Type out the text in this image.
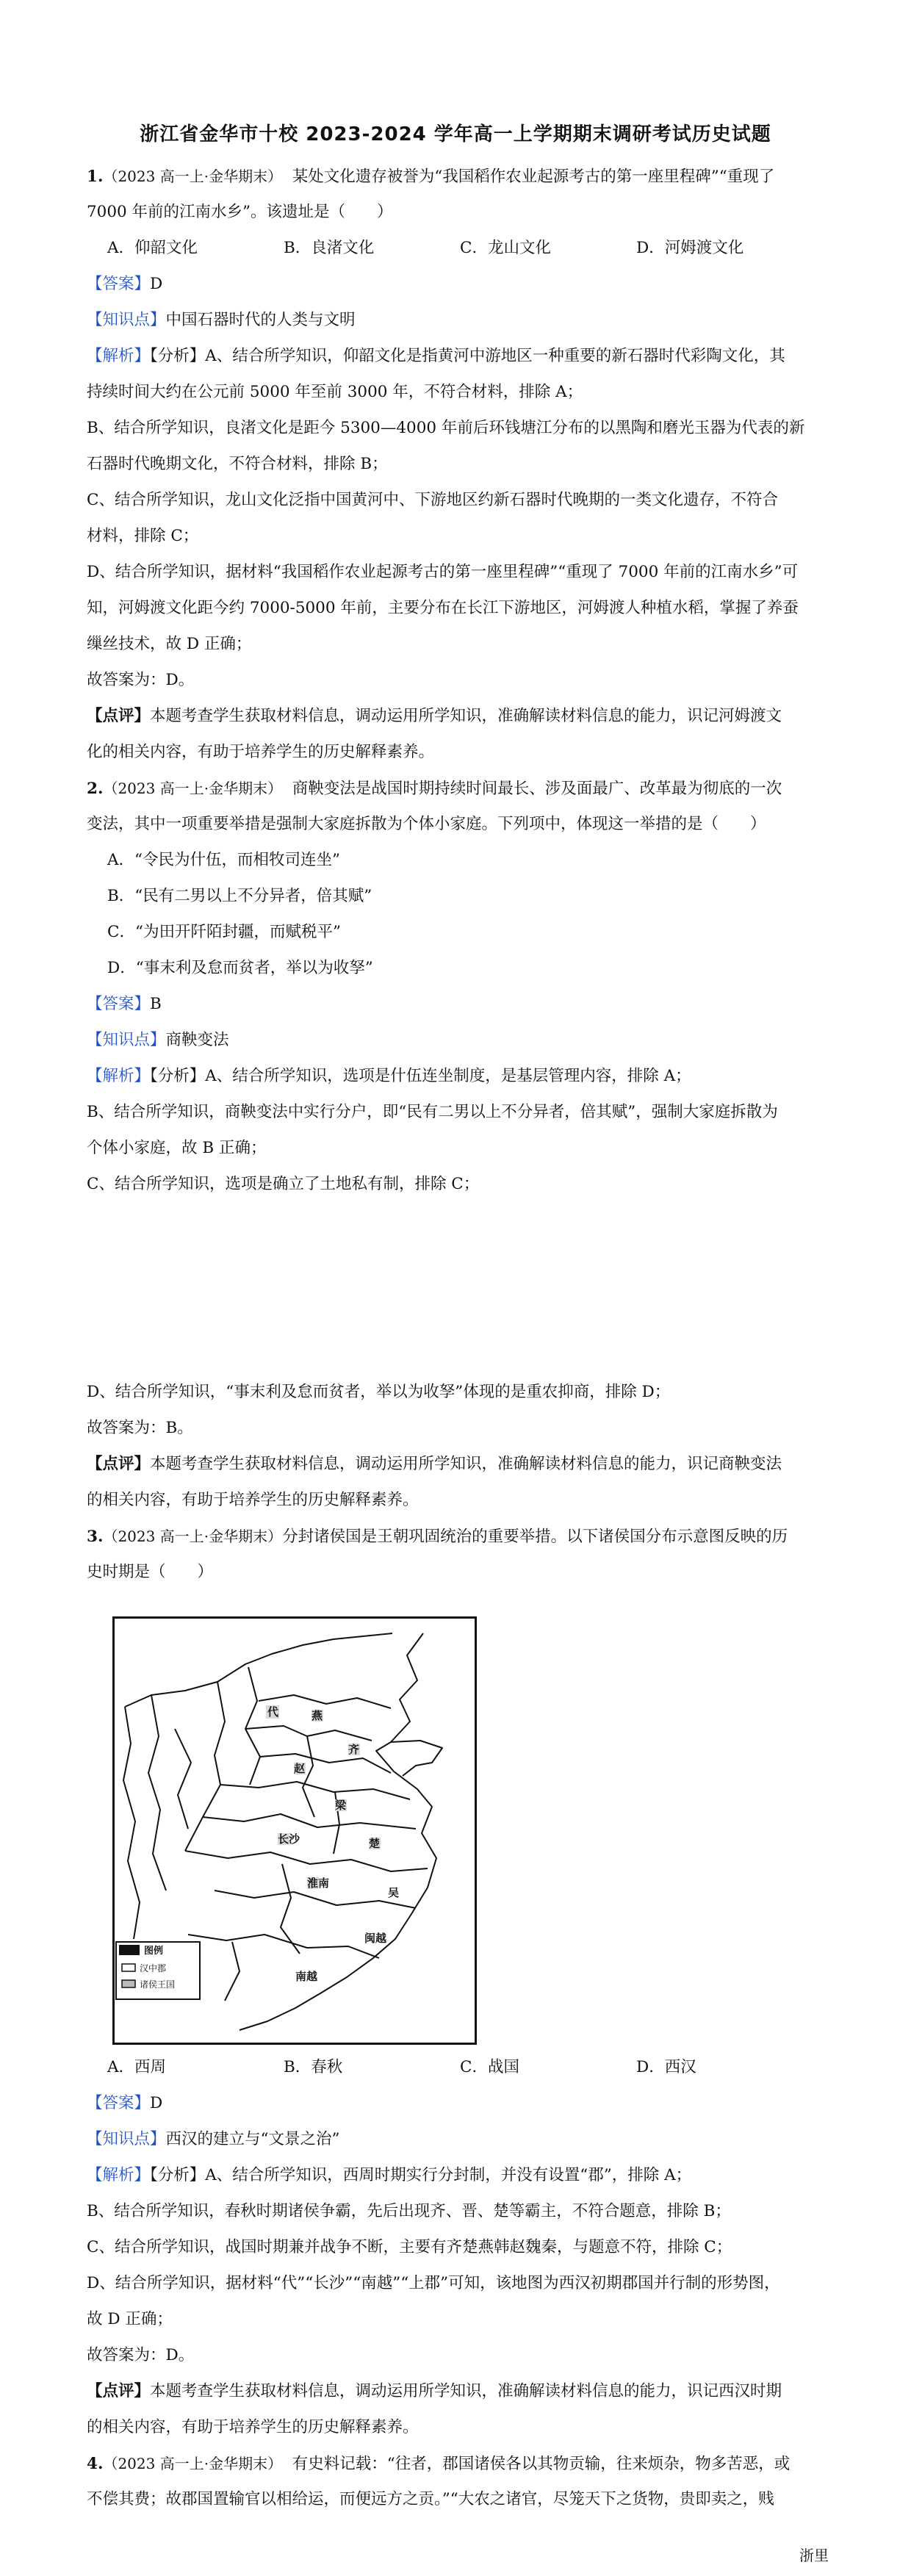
浙江省金华市十校 2023-2024 学年高一上学期期末调研考试历史试题
1.（2023 高一上·金华期末） 某处文化遗存被誉为“我国稻作农业起源考古的第一座里程碑”“重现了
7000 年前的江南水乡”。该遗址是（　　）
A．仰韶文化	B．良渚文化	C．龙山文化	D．河姆渡文化
【答案】D
【知识点】中国石器时代的人类与文明
【解析】【分析】A、结合所学知识，仰韶文化是指黄河中游地区一种重要的新石器时代彩陶文化，其
持续时间大约在公元前 5000 年至前 3000 年，不符合材料，排除 A；
B、结合所学知识，良渚文化是距今 5300—4000 年前后环钱塘江分布的以黑陶和磨光玉器为代表的新
石器时代晚期文化，不符合材料，排除 B；
C、结合所学知识，龙山文化泛指中国黄河中、下游地区约新石器时代晚期的一类文化遗存，不符合
材料，排除 C；
D、结合所学知识，据材料“我国稻作农业起源考古的第一座里程碑”“重现了 7000 年前的江南水乡”可
知，河姆渡文化距今约 7000-5000 年前，主要分布在长江下游地区，河姆渡人种植水稻，掌握了养蚕
缫丝技术，故 D 正确；
故答案为：D。
【点评】本题考查学生获取材料信息，调动运用所学知识，准确解读材料信息的能力，识记河姆渡文
化的相关内容，有助于培养学生的历史解释素养。
2.（2023 高一上·金华期末） 商鞅变法是战国时期持续时间最长、涉及面最广、改革最为彻底的一次
变法，其中一项重要举措是强制大家庭拆散为个体小家庭。下列项中，体现这一举措的是（　　）
A．“令民为什伍，而相牧司连坐”
B．“民有二男以上不分异者，倍其赋”
C．“为田开阡陌封疆，而赋税平”
D．“事末利及怠而贫者，举以为收孥”
【答案】B
【知识点】商鞅变法
【解析】【分析】A、结合所学知识，选项是什伍连坐制度，是基层管理内容，排除 A；
B、结合所学知识，商鞅变法中实行分户，即“民有二男以上不分异者，倍其赋”，强制大家庭拆散为
个体小家庭，故 B 正确；
C、结合所学知识，选项是确立了土地私有制，排除 C；
D、结合所学知识，“事末利及怠而贫者，举以为收孥”体现的是重农抑商，排除 D；
故答案为：B。
【点评】本题考查学生获取材料信息，调动运用所学知识，准确解读材料信息的能力，识记商鞅变法
的相关内容，有助于培养学生的历史解释素养。
3.（2023 高一上·金华期末）分封诸侯国是王朝巩固统治的重要举措。以下诸侯国分布示意图反映的历
史时期是（　　）
代	燕
赵
齐
梁
楚
淮南
吴
长沙
南越
闽越
图例
汉中郡
诸侯王国
A．西周	B．春秋	C．战国	D．西汉
【答案】D
【知识点】西汉的建立与“文景之治”
【解析】【分析】A、结合所学知识，西周时期实行分封制，并没有设置“郡”，排除 A；
B、结合所学知识，春秋时期诸侯争霸，先后出现齐、晋、楚等霸主，不符合题意，排除 B；
C、结合所学知识，战国时期兼并战争不断，主要有齐楚燕韩赵魏秦，与题意不符，排除 C；
D、结合所学知识，据材料“代”“长沙”“南越”“上郡”可知，该地图为西汉初期郡国并行制的形势图，
故 D 正确；
故答案为：D。
【点评】本题考查学生获取材料信息，调动运用所学知识，准确解读材料信息的能力，识记西汉时期
的相关内容，有助于培养学生的历史解释素养。
4.（2023 高一上·金华期末） 有史料记载：“往者，郡国诸侯各以其物贡输，往来烦杂，物多苦恶，或
不偿其费；故郡国置输官以相给运，而便远方之贡。”“大农之诸官，尽笼天下之货物，贵即卖之，贱
浙里
